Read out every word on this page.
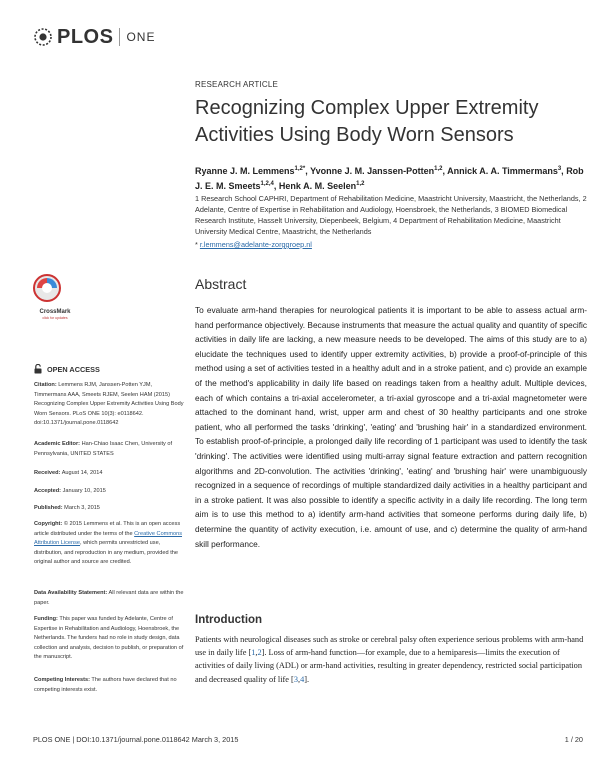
PLOS ONE
RESEARCH ARTICLE
Recognizing Complex Upper Extremity Activities Using Body Worn Sensors
Ryanne J. M. Lemmens$^{1,2*}$, Yvonne J. M. Janssen-Potten$^{1,2}$, Annick A. A. Timmermans$^3$, Rob J. E. M. Smeets$^{1,2,4}$, Henk A. M. Seelen$^{1,2}$
1 Research School CAPHRI, Department of Rehabilitation Medicine, Maastricht University, Maastricht, the Netherlands, 2 Adelante, Centre of Expertise in Rehabilitation and Audiology, Hoensbroek, the Netherlands, 3 BIOMED Biomedical Research Institute, Hasselt University, Diepenbeek, Belgium, 4 Department of Rehabilitation Medicine, Maastricht University Medical Centre, Maastricht, the Netherlands
* r.lemmens@adelante-zorggroep.nl
CrossMark
click for updates
Abstract
To evaluate arm-hand therapies for neurological patients it is important to be able to assess actual arm-hand performance objectively. Because instruments that measure the actual quality and quantity of specific activities in daily life are lacking, a new measure needs to be developed. The aims of this study are to a) elucidate the techniques used to identify upper extremity activities, b) provide a proof-of-principle of this method using a set of activities tested in a healthy adult and in a stroke patient, and c) provide an example of the method's applicability in daily life based on readings taken from a healthy adult. Multiple devices, each of which contains a tri-axial accelerometer, a tri-axial gyroscope and a tri-axial magnetometer were attached to the dominant hand, wrist, upper arm and chest of 30 healthy participants and one stroke patient, who all performed the tasks 'drinking', 'eating' and 'brushing hair' in a standardized environment. To establish proof-of-principle, a prolonged daily life recording of 1 participant was used to identify the task 'drinking'. The activities were identified using multi-array signal feature extraction and pattern recognition algorithms and 2D-convolution. The activities 'drinking', 'eating' and 'brushing hair' were unambiguously recognized in a sequence of recordings of multiple standardized daily activities in a healthy participant and in a stroke patient. It was also possible to identify a specific activity in a daily life recording. The long term aim is to use this method to a) identify arm-hand activities that someone performs during daily life, b) determine the quantity of activity execution, i.e. amount of use, and c) determine the quality of arm-hand skill performance.
OPEN ACCESS
Citation: Lemmens RJM, Janssen-Potten YJM, Timmermans AAA, Smeets RJEM, Seelen HAM (2015) Recognizing Complex Upper Extremity Activities Using Body Worn Sensors. PLoS ONE 10(3): e0118642. doi:10.1371/journal.pone.0118642
Academic Editor: Han-Chiao Isaac Chen, University of Pennsylvania, UNITED STATES
Received: August 14, 2014
Accepted: January 10, 2015
Published: March 3, 2015
Copyright: © 2015 Lemmens et al. This is an open access article distributed under the terms of the Creative Commons Attribution License, which permits unrestricted use, distribution, and reproduction in any medium, provided the original author and source are credited.
Data Availability Statement: All relevant data are within the paper.
Funding: This paper was funded by Adelante, Centre of Expertise in Rehabilitation and Audiology, Hoensbroek, the Netherlands. The funders had no role in study design, data collection and analysis, decision to publish, or preparation of the manuscript.
Competing Interests: The authors have declared that no competing interests exist.
Introduction
Patients with neurological diseases such as stroke or cerebral palsy often experience serious problems with arm-hand use in daily life [1,2]. Loss of arm-hand function—for example, due to a hemiparesis—limits the execution of activities of daily living (ADL) or arm-hand activities, resulting in greater dependency, restricted social participation and decreased quality of life [3,4].
PLOS ONE | DOI:10.1371/journal.pone.0118642 March 3, 2015	1 / 20
